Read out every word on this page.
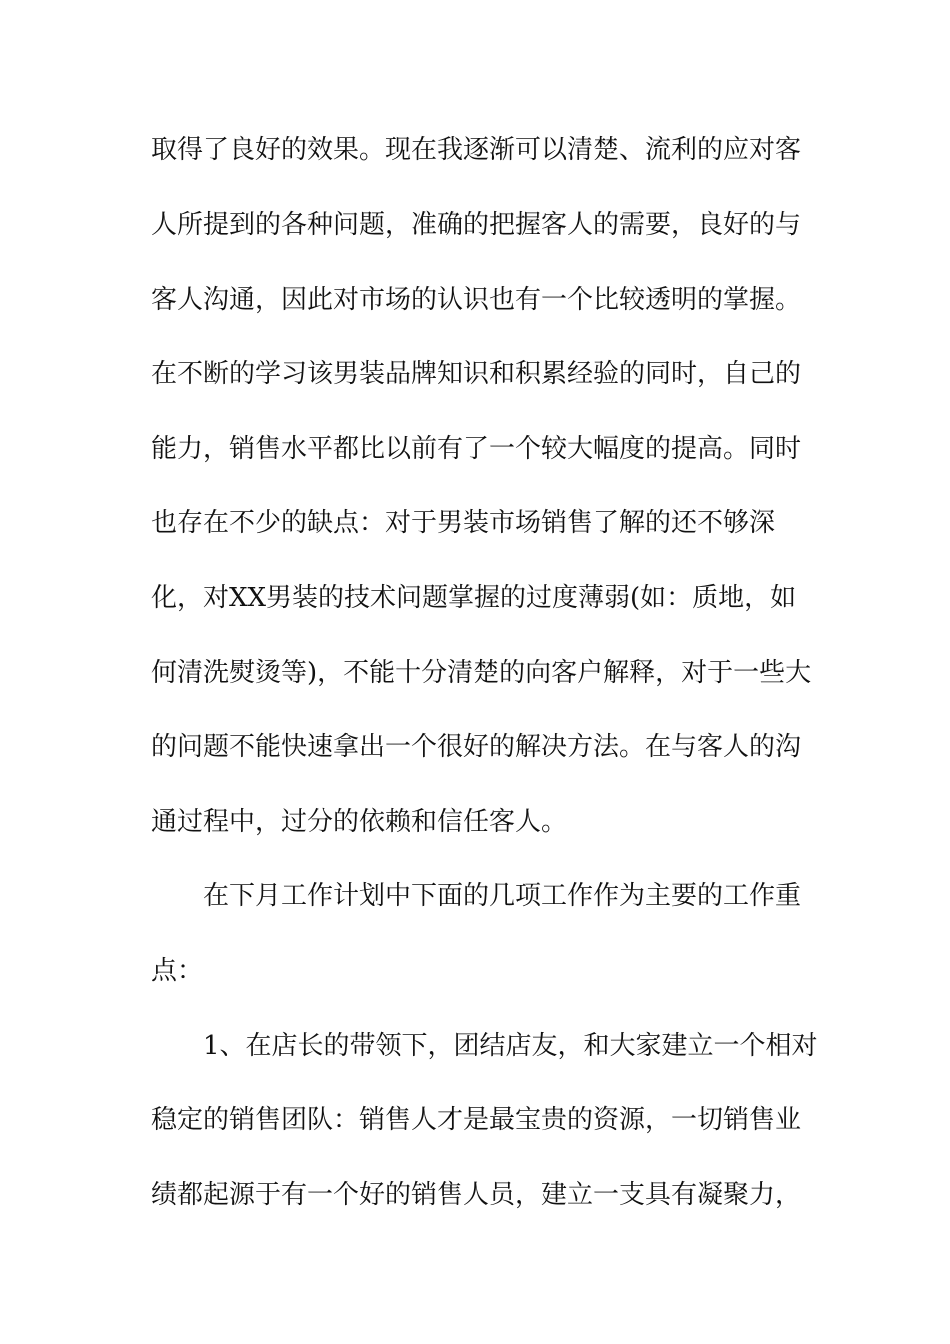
取得了良好的效果。现在我逐渐可以清楚、流利的应对客
人所提到的各种问题，准确的把握客人的需要，良好的与
客人沟通，因此对市场的认识也有一个比较透明的掌握。
在不断的学习该男装品牌知识和积累经验的同时，自己的
能力，销售水平都比以前有了一个较大幅度的提高。同时
也存在不少的缺点：对于男装市场销售了解的还不够深
化，对XX男装的技术问题掌握的过度薄弱(如：质地，如
何清洗熨烫等)，不能十分清楚的向客户解释，对于一些大
的问题不能快速拿出一个很好的解决方法。在与客人的沟
通过程中，过分的依赖和信任客人。
在下月工作计划中下面的几项工作作为主要的工作重
点：
1、在店长的带领下，团结店友，和大家建立一个相对
稳定的销售团队：销售人才是最宝贵的资源，一切销售业
绩都起源于有一个好的销售人员，建立一支具有凝聚力，
